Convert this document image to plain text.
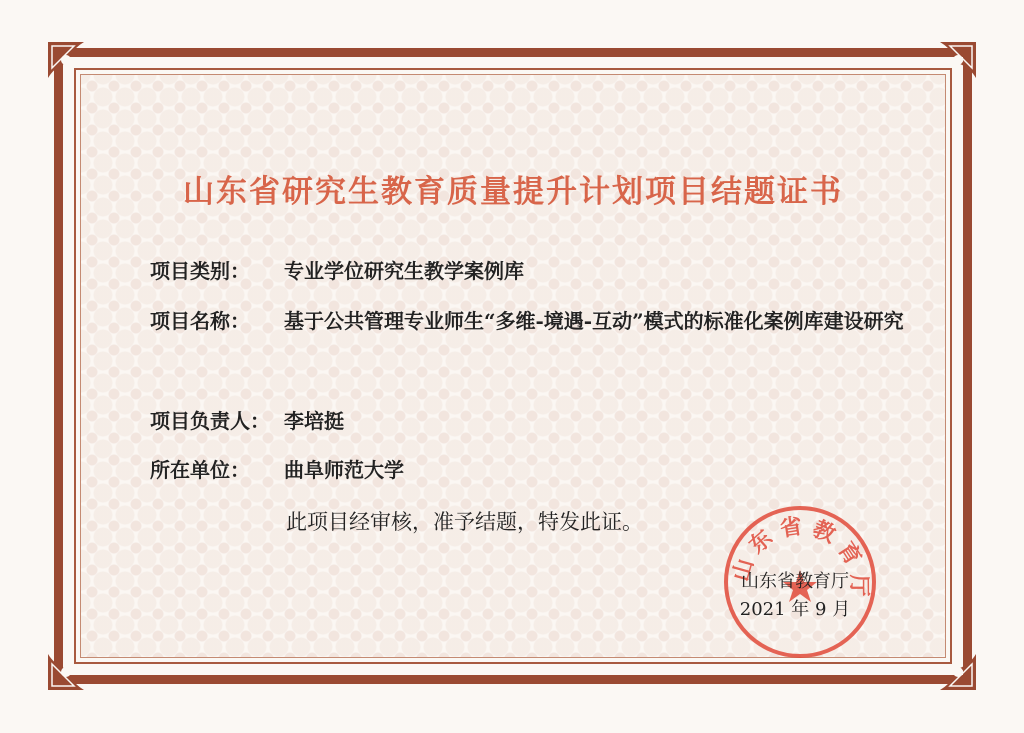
山东省研究生教育质量提升计划项目结题证书
项目类别： 专业学位研究生教学案例库
项目名称： 基于公共管理专业师生“多维-境遇-互动”模式的标准化案例库建设研究
项目负责人： 李培挺
所在单位： 曲阜师范大学
此项目经审核，准予结题，特发此证。
山 东 省 教 育 厅
山东省教育厅
2021 年 9 月
